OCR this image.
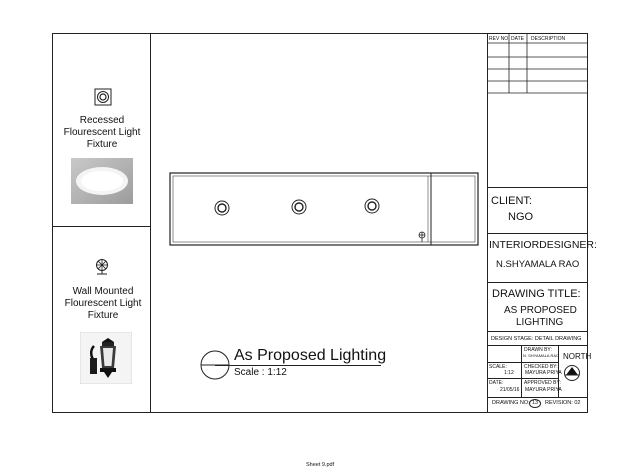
Recessed Flourescent Light Fixture
Wall Mounted Flourescent Light Fixture
As Proposed Lighting
Scale : 1:12
REV NO DATE DESCRIPTION
CLIENT:
NGO
INTERIORDESIGNER:
N.SHYAMALA RAO
DRAWING TITLE:
AS PROPOSED
LIGHTING
DESIGN STAGE: DETAIL DRAWING
DRAWN BY:
N. SHYAMALA RAO
SCALE:
1:12
CHECKED BY:
MAYURA PRIYA
DATE:
21/05/16
APPROVED BY:
MAYURA PRIYA
NORTH
DRAWING NO: 13	REVISION: 02
Sheet 9.pdf
